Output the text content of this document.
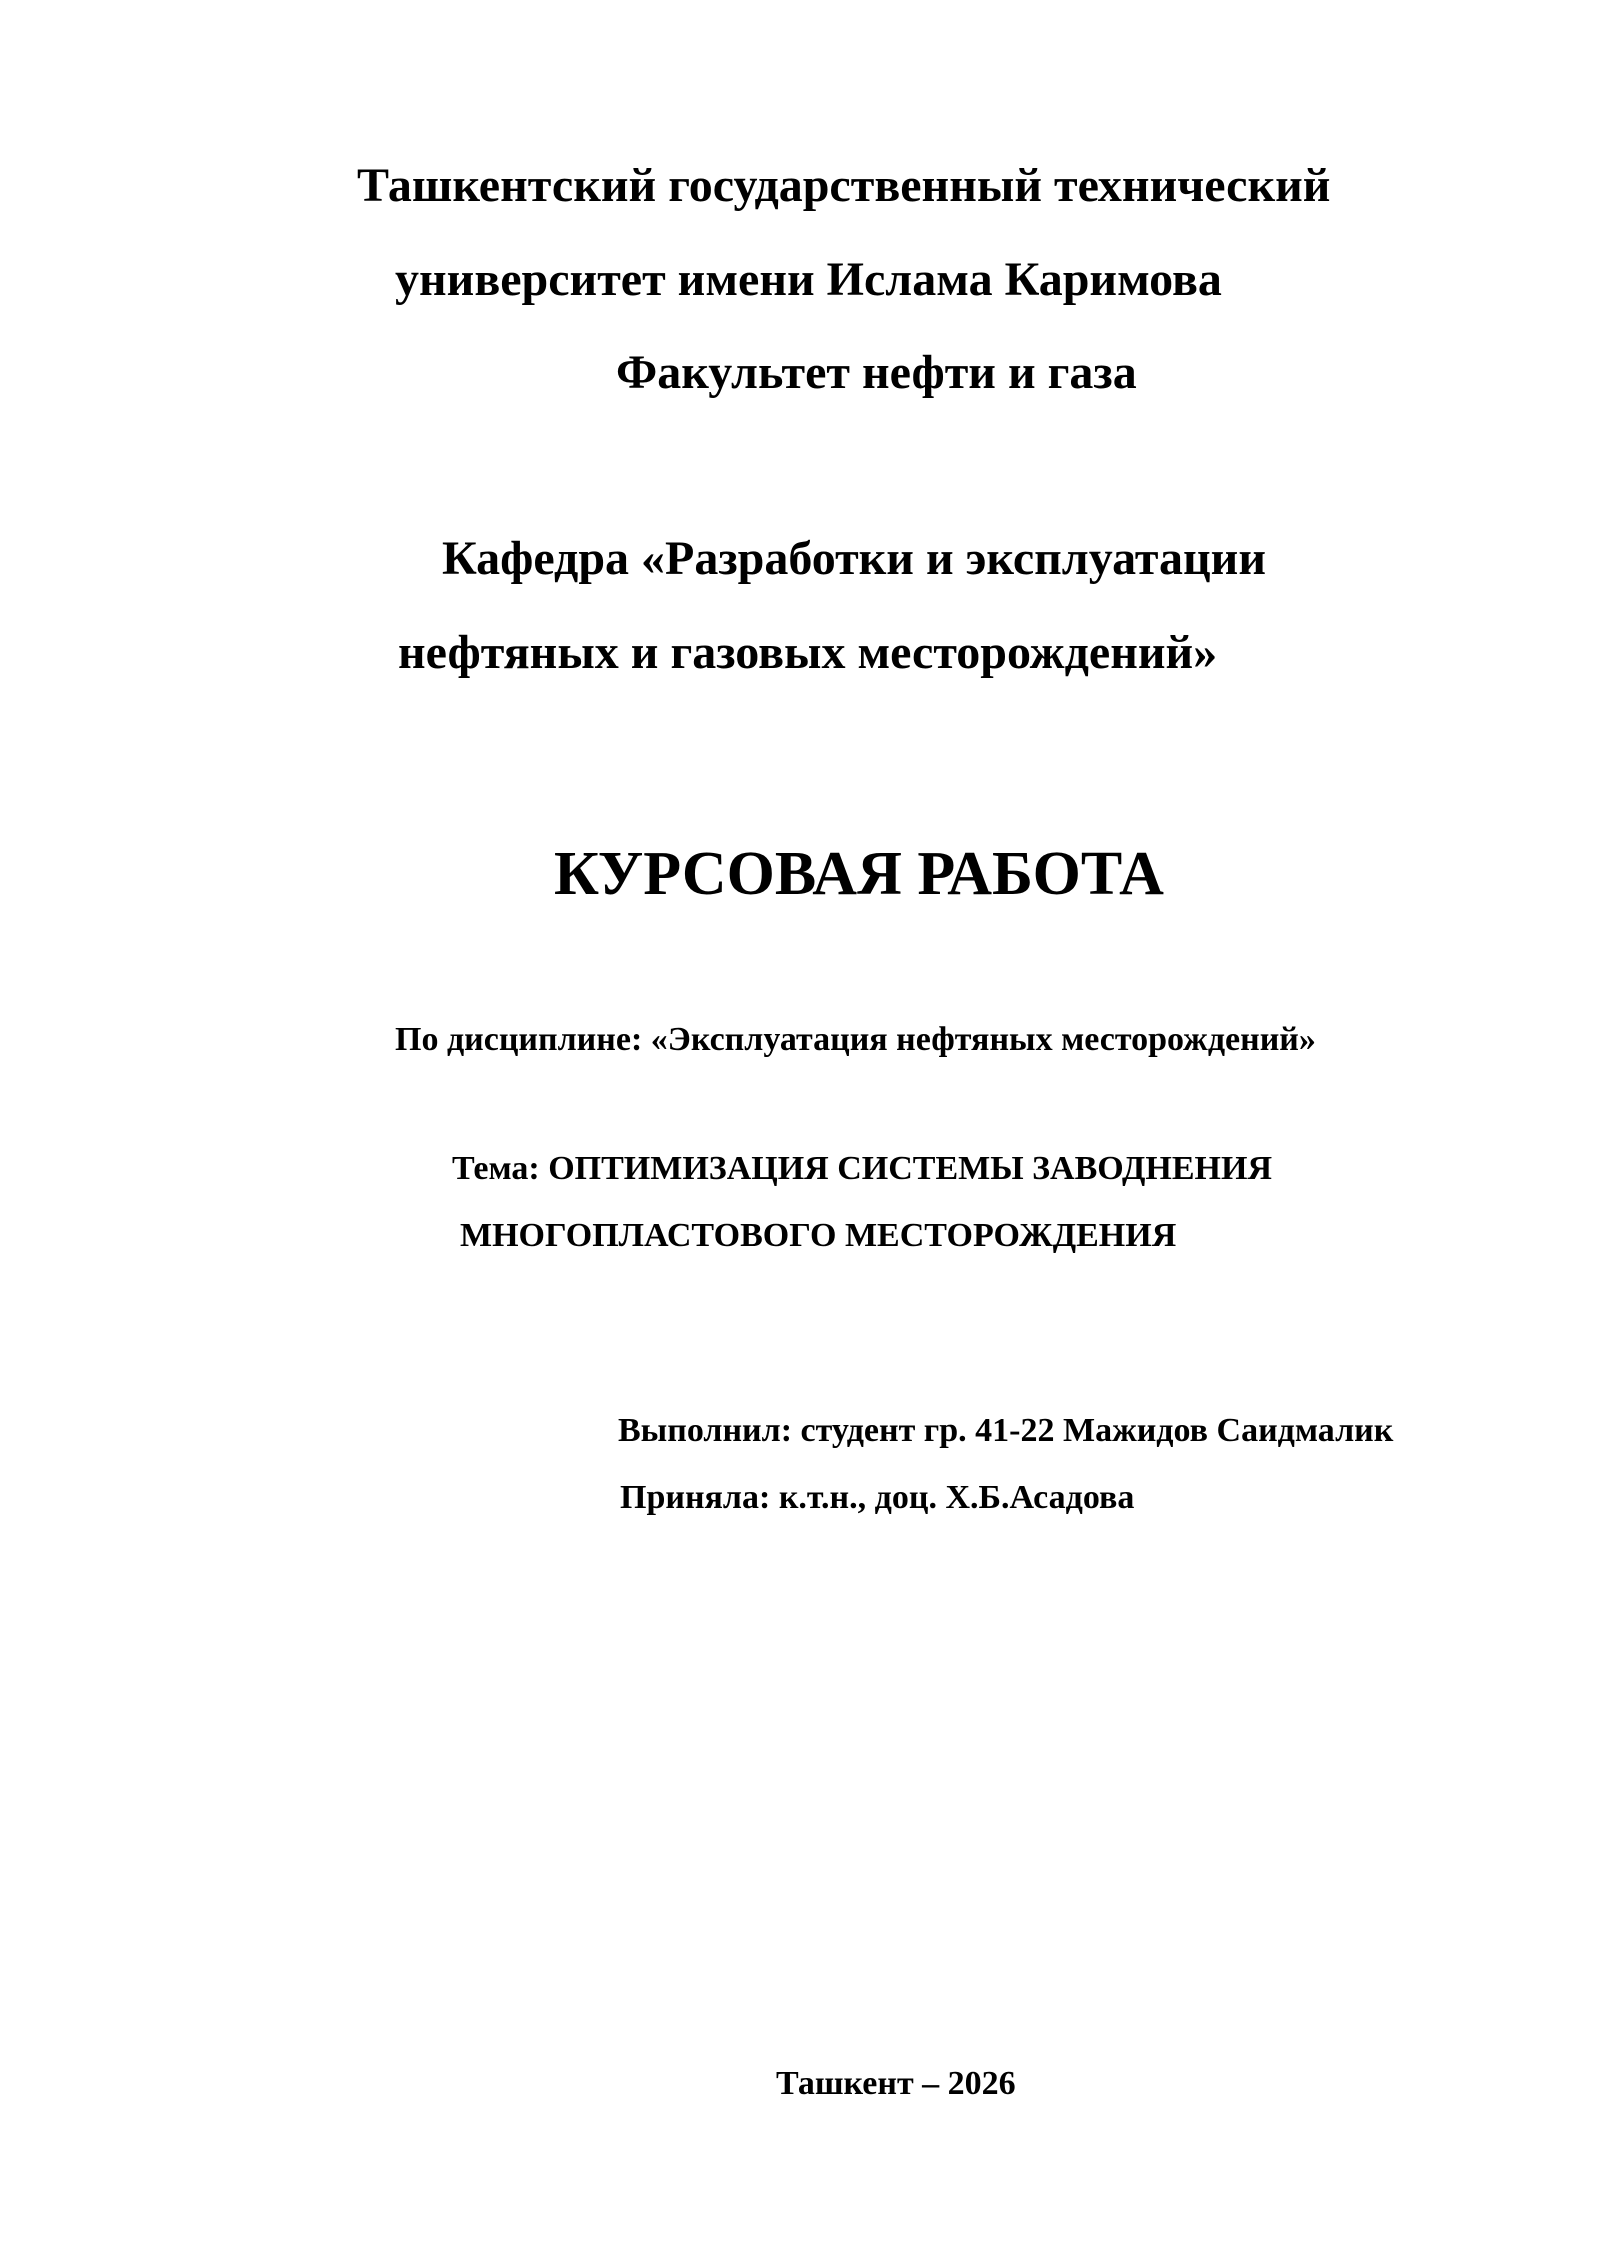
Ташкентский государственный технический
университет имени Ислама Каримова
Факультет нефти и газа
Кафедра «Разработки и эксплуатации
нефтяных и газовых месторождений»
КУРСОВАЯ РАБОТА
По дисциплине: «Эксплуатация нефтяных месторождений»
Тема: ОПТИМИЗАЦИЯ СИСТЕМЫ ЗАВОДНЕНИЯ
МНОГОПЛАСТОВОГО МЕСТОРОЖДЕНИЯ
Выполнил: студент гр. 41-22 Мажидов Саидмалик
Приняла: к.т.н., доц. Х.Б.Асадова
Ташкент – 2026
